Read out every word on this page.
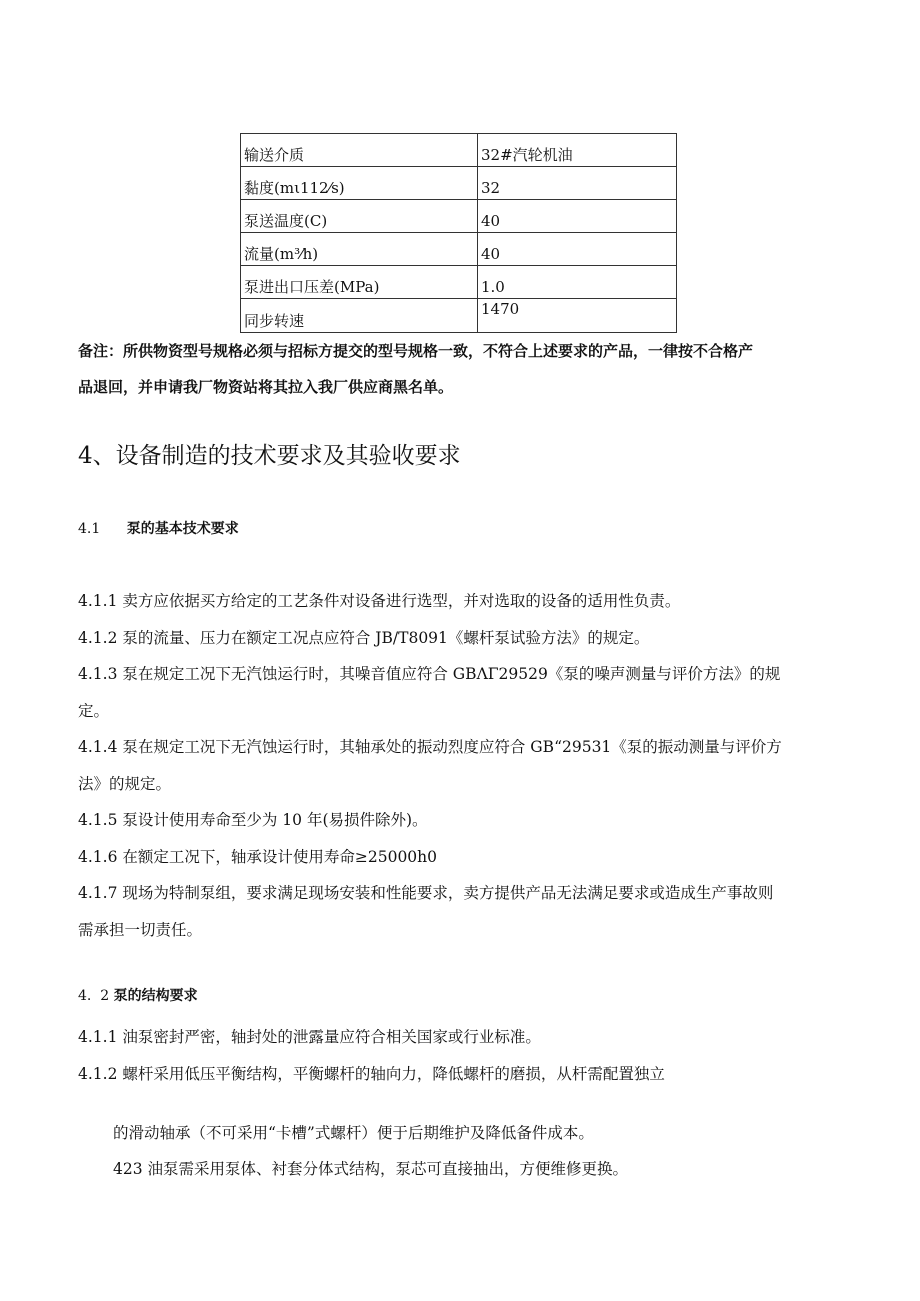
输送介质	32#汽轮机油
黏度(mι112⁄s)	32
泵送温度(C)	40
流量(m³⁄h)	40
泵进出口压差(MPa)	1.0
同步转速	1470
备注：所供物资型号规格必须与招标方提交的型号规格一致，不符合上述要求的产品，一律按不合格产
品退回，并申请我厂物资站将其拉入我厂供应商黑名单。
4、设备制造的技术要求及其验收要求
4.1 泵的基本技术要求
4.1.1 卖方应依据买方给定的工艺条件对设备进行选型，并对选取的设备的适用性负责。
4.1.2 泵的流量、压力在额定工况点应符合 JB/T8091《螺杆泵试验方法》的规定。
4.1.3 泵在规定工况下无汽蚀运行时，其噪音值应符合 GBΛΓ29529《泵的噪声测量与评价方法》的规
定。
4.1.4 泵在规定工况下无汽蚀运行时，其轴承处的振动烈度应符合 GB“29531《泵的振动测量与评价方
法》的规定。
4.1.5 泵设计使用寿命至少为 10 年(易损件除外)。
4.1.6 在额定工况下，轴承设计使用寿命≥25000h0
4.1.7 现场为特制泵组，要求满足现场安装和性能要求，卖方提供产品无法满足要求或造成生产事故则
需承担一切责任。
4.  2 泵的结构要求
4.1.1 油泵密封严密，轴封处的泄露量应符合相关国家或行业标准。
4.1.2 螺杆采用低压平衡结构，平衡螺杆的轴向力，降低螺杆的磨损，从杆需配置独立
的滑动轴承（不可采用“卡槽”式螺杆）便于后期维护及降低备件成本。
423 油泵需采用泵体、衬套分体式结构，泵芯可直接抽出，方便维修更换。
